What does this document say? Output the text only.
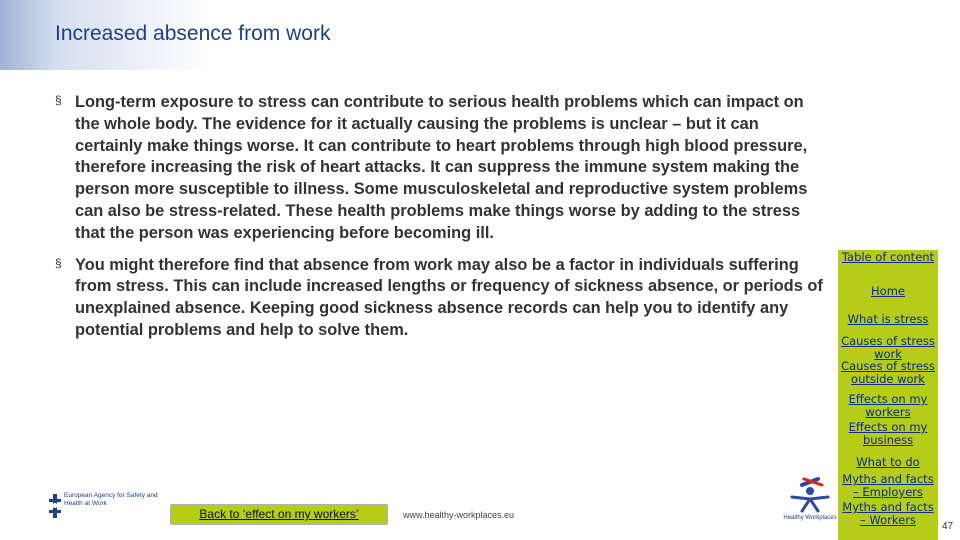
Increased absence from work
§ Long-term exposure to stress can contribute to serious health problems which can impact on the whole body. The evidence for it actually causing the problems is unclear – but it can certainly make things worse. It can contribute to heart problems through high blood pressure, therefore increasing the risk of heart attacks. It can suppress the immune system making the person more susceptible to illness. Some musculoskeletal and reproductive system problems can also be stress-related. These health problems make things worse by adding to the stress that the person was experiencing before becoming ill.
§ You might therefore find that absence from work may also be a factor in individuals suffering from stress. This can include increased lengths or frequency of sickness absence, or periods of unexplained absence. Keeping good sickness absence records can help you to identify any potential problems and help to solve them.
Table of content
Home
What is stress
Causes of stress work
Causes of stress outside work
Effects on my workers
Effects on my business
What to do
Myths and facts – Employers
Myths and facts – Workers	47
European Agency for Safety and Health at Work
Back to ‘effect on my workers’	www.healthy-workplaces.eu	Healthy Workplaces
